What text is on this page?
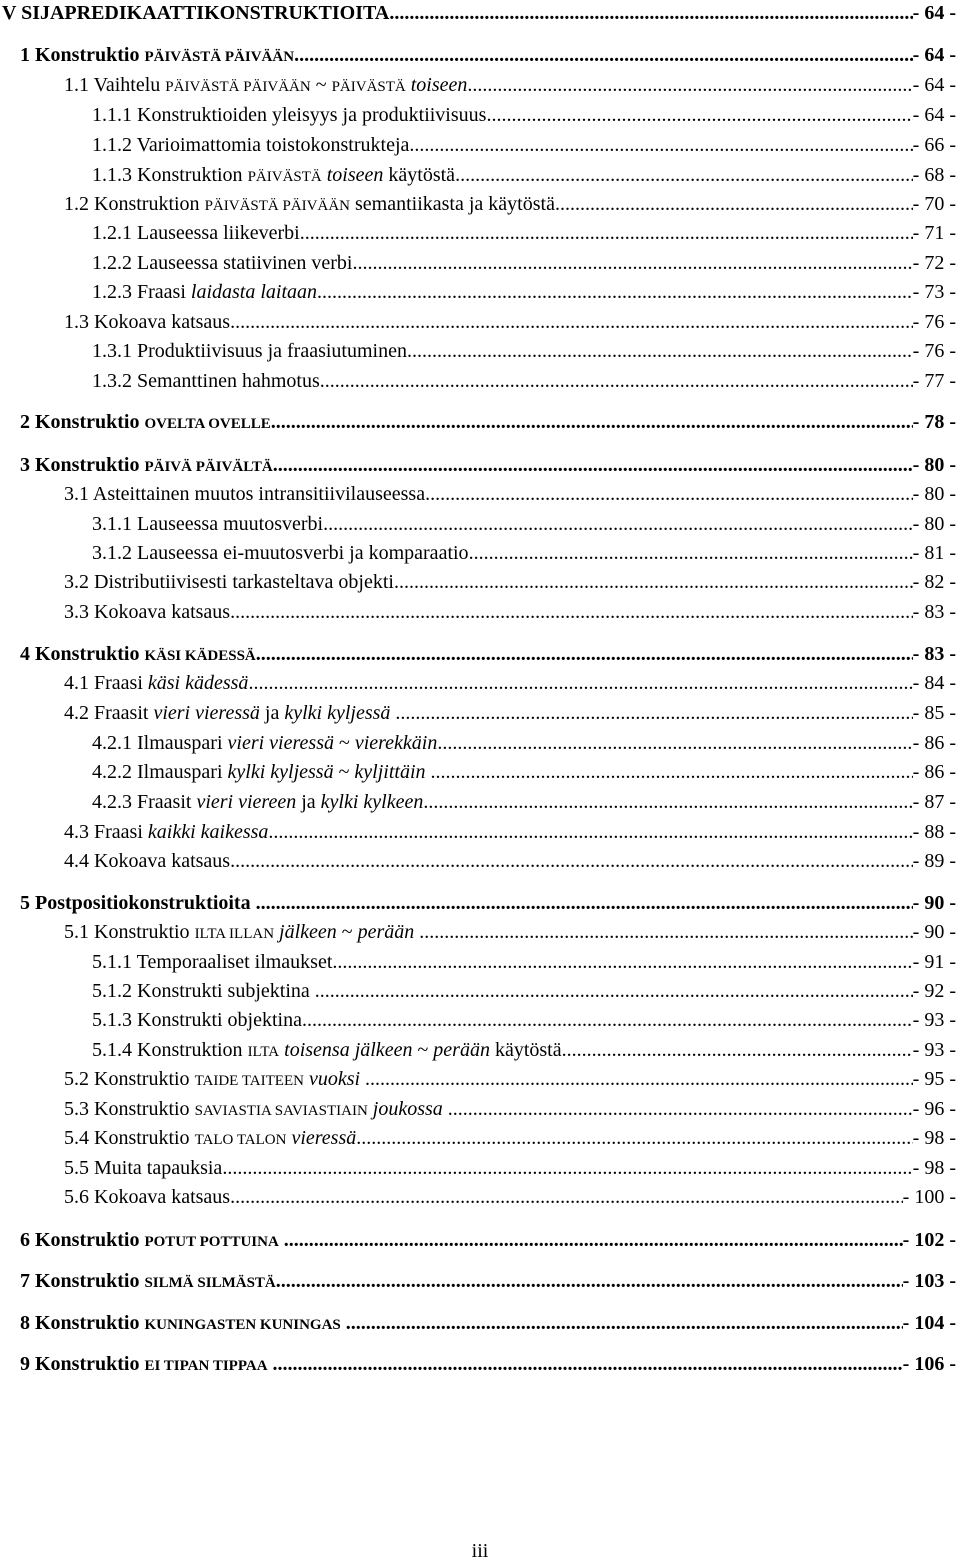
V SIJAPREDIKAATTIKONSTRUKTIOITA .....	- 64 -
1 Konstruktio PÄIVÄSTÄ PÄIVÄÄN .....	- 64 -
1.1 Vaihtelu PÄIVÄSTÄ PÄIVÄÄN ~ PÄIVÄSTÄ toiseen .....	- 64 -
1.1.1 Konstruktioiden yleisyys ja produktiivisuus .....	- 64 -
1.1.2 Varioimattomia toistokonstrukteja .....	- 66 -
1.1.3 Konstruktion PÄIVÄSTÄ toiseen käytöstä .....	- 68 -
1.2 Konstruktion PÄIVÄSTÄ PÄIVÄÄN semantiikasta ja käytöstä .....	- 70 -
1.2.1 Lauseessa liikeverbi .....	- 71 -
1.2.2 Lauseessa statiivinen verbi .....	- 72 -
1.2.3 Fraasi laidasta laitaan .....	- 73 -
1.3 Kokoava katsaus .....	- 76 -
1.3.1 Produktiivisuus ja fraasiutuminen .....	- 76 -
1.3.2 Semanttinen hahmotus .....	- 77 -
2 Konstruktio OVELTA OVELLE .....	- 78 -
3 Konstruktio PÄIVÄ PÄIVÄLTÄ .....	- 80 -
3.1 Asteittainen muutos intransitiivilauseessa .....	- 80 -
3.1.1 Lauseessa muutosverbi .....	- 80 -
3.1.2 Lauseessa ei-muutosverbi ja komparaatio .....	- 81 -
3.2 Distributiivisesti tarkasteltava objekti .....	- 82 -
3.3 Kokoava katsaus .....	- 83 -
4 Konstruktio KÄSI KÄDESSÄ .....	- 83 -
4.1 Fraasi käsi kädessä .....	- 84 -
4.2 Fraasit vieri vieressä ja kylki kyljessä .....	- 85 -
4.2.1 Ilmauspari vieri vieressä ~ vierekkäin .....	- 86 -
4.2.2 Ilmauspari kylki kyljessä ~ kyljittäin .....	- 86 -
4.2.3 Fraasit vieri viereen ja kylki kylkeen .....	- 87 -
4.3 Fraasi kaikki kaikessa .....	- 88 -
4.4 Kokoava katsaus .....	- 89 -
5 Postpositiokonstruktioita .....	- 90 -
5.1 Konstruktio ILTA ILLAN jälkeen ~ perään .....	- 90 -
5.1.1 Temporaaliset ilmaukset .....	- 91 -
5.1.2 Konstrukti subjektina .....	- 92 -
5.1.3 Konstrukti objektina .....	- 93 -
5.1.4 Konstruktion ILTA toisensa jälkeen ~ perään käytöstä .....	- 93 -
5.2 Konstruktio TAIDE TAITEEN vuoksi .....	- 95 -
5.3 Konstruktio SAVIASTIA SAVIASTIAIN joukossa .....	- 96 -
5.4 Konstruktio TALO TALON vieressä .....	- 98 -
5.5 Muita tapauksia .....	- 98 -
5.6 Kokoava katsaus .....	- 100 -
6 Konstruktio POTUT POTTUINA .....	- 102 -
7 Konstruktio SILMÄ SILMÄSTÄ .....	- 103 -
8 Konstruktio KUNINGASTEN KUNINGAS .....	- 104 -
9 Konstruktio EI TIPAN TIPPAA .....	- 106 -
iii
